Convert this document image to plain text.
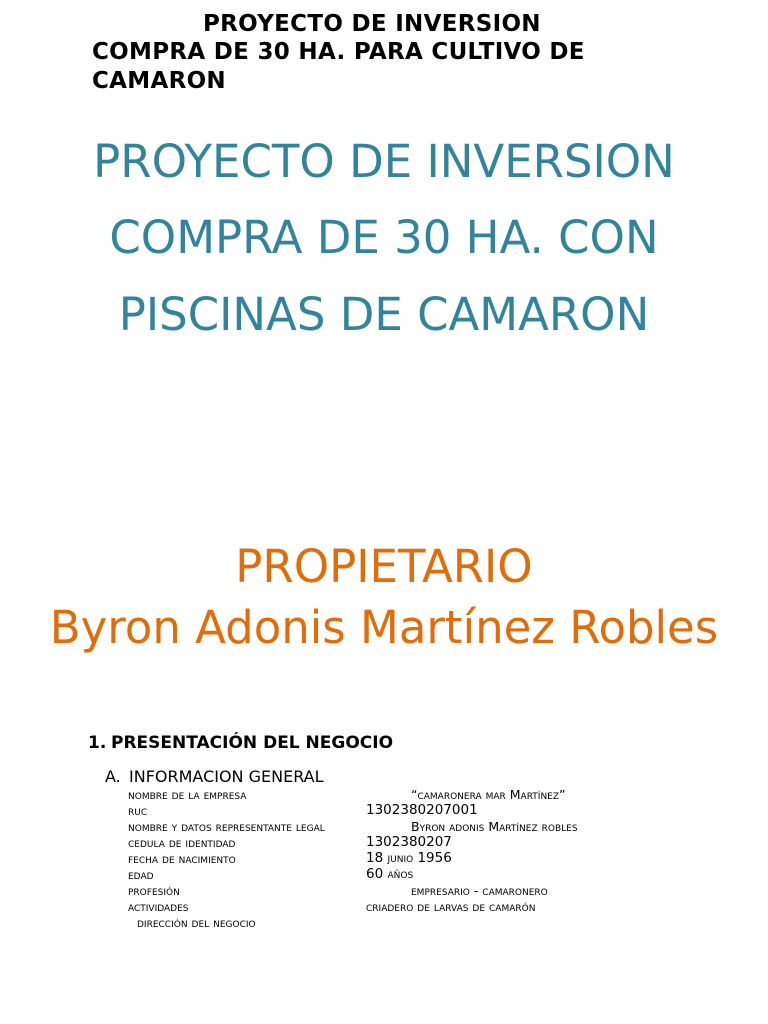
PROYECTO DE INVERSION
COMPRA DE 30 HA. PARA CULTIVO DE
CAMARON
PROYECTO DE INVERSION
COMPRA DE 30 HA. CON
PISCINAS DE CAMARON
PROPIETARIO
Byron Adonis Martínez Robles
1. PRESENTACIÓN DEL NEGOCIO
A. INFORMACION GENERAL
nombre de la empresa	“camaronera mar Martínez”
ruc	1302380207001
nombre y datos representante legal	Byron adonis Martínez robles
cedula de identidad	1302380207
fecha de nacimiento	18 junio 1956
edad	60 años
profesión	empresario - camaronero
actividades	criadero de larvas de camarón
dirección del negocio
